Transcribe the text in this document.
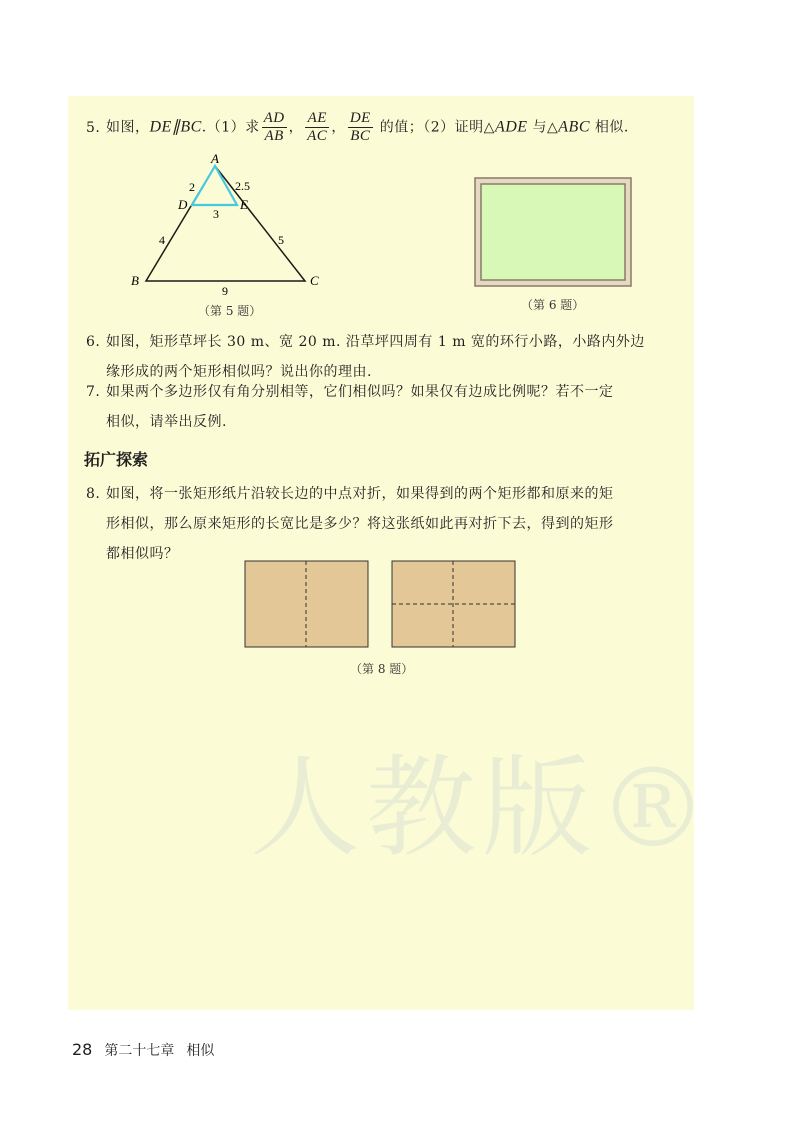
5. 如图，DE∥BC.（1）求 $\frac{AD}{AB}$ ， $\frac{AE}{AC}$ ， $\frac{DE}{BC}$ 的值；（2）证明△ADE 与△ABC 相似.
A
D	E
B	C
2	2.5
3
4	5
9
（第 5 题）	（第 6 题）
6. 如图，矩形草坪长 30 m、宽 20 m. 沿草坪四周有 1 m 宽的环行小路，小路内外边
缘形成的两个矩形相似吗？说出你的理由.
7. 如果两个多边形仅有角分别相等，它们相似吗？如果仅有边成比例呢？若不一定
相似，请举出反例.
拓广探索
8. 如图，将一张矩形纸片沿较长边的中点对折，如果得到的两个矩形都和原来的矩
形相似，那么原来矩形的长宽比是多少？将这张纸如此再对折下去，得到的矩形
都相似吗？
（第 8 题）
人教版®
28 第二十七章 相似
